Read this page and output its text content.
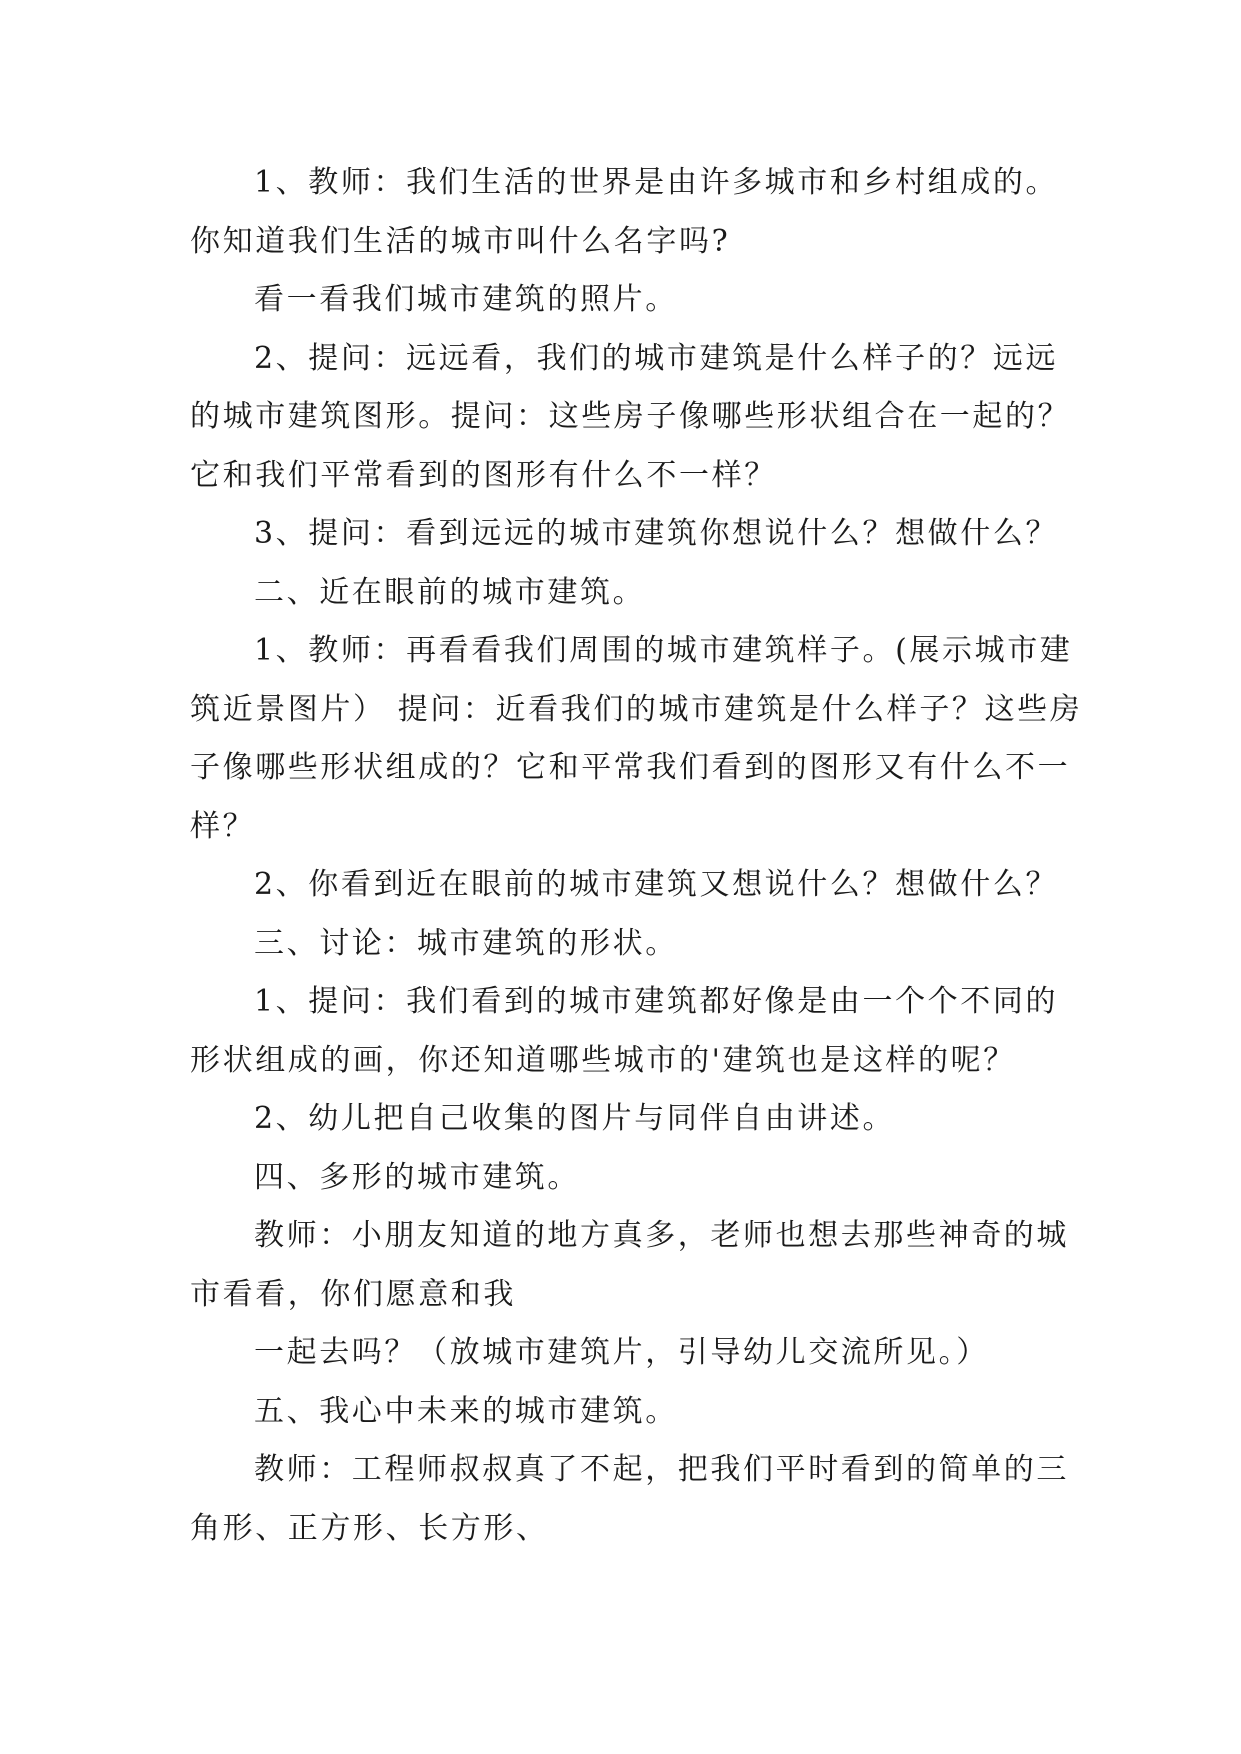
1、教师：我们生活的世界是由许多城市和乡村组成的。你知道我们生活的城市叫什么名字吗?

看一看我们城市建筑的照片。

2、提问：远远看，我们的城市建筑是什么样子的？远远的城市建筑图形。提问：这些房子像哪些形状组合在一起的？它和我们平常看到的图形有什么不一样？

3、提问：看到远远的城市建筑你想说什么？想做什么？

二、近在眼前的城市建筑。

1、教师：再看看我们周围的城市建筑样子。(展示城市建筑近景图片） 提问：近看我们的城市建筑是什么样子？这些房子像哪些形状组成的？它和平常我们看到的图形又有什么不一样？

2、你看到近在眼前的城市建筑又想说什么？想做什么？

三、讨论：城市建筑的形状。

1、提问：我们看到的城市建筑都好像是由一个个不同的形状组成的画，你还知道哪些城市的'建筑也是这样的呢？

2、幼儿把自己收集的图片与同伴自由讲述。

四、多形的城市建筑。

教师：小朋友知道的地方真多，老师也想去那些神奇的城市看看，你们愿意和我

一起去吗？（放城市建筑片，引导幼儿交流所见。）

五、我心中未来的城市建筑。

教师：工程师叔叔真了不起，把我们平时看到的简单的三角形、正方形、长方形、
